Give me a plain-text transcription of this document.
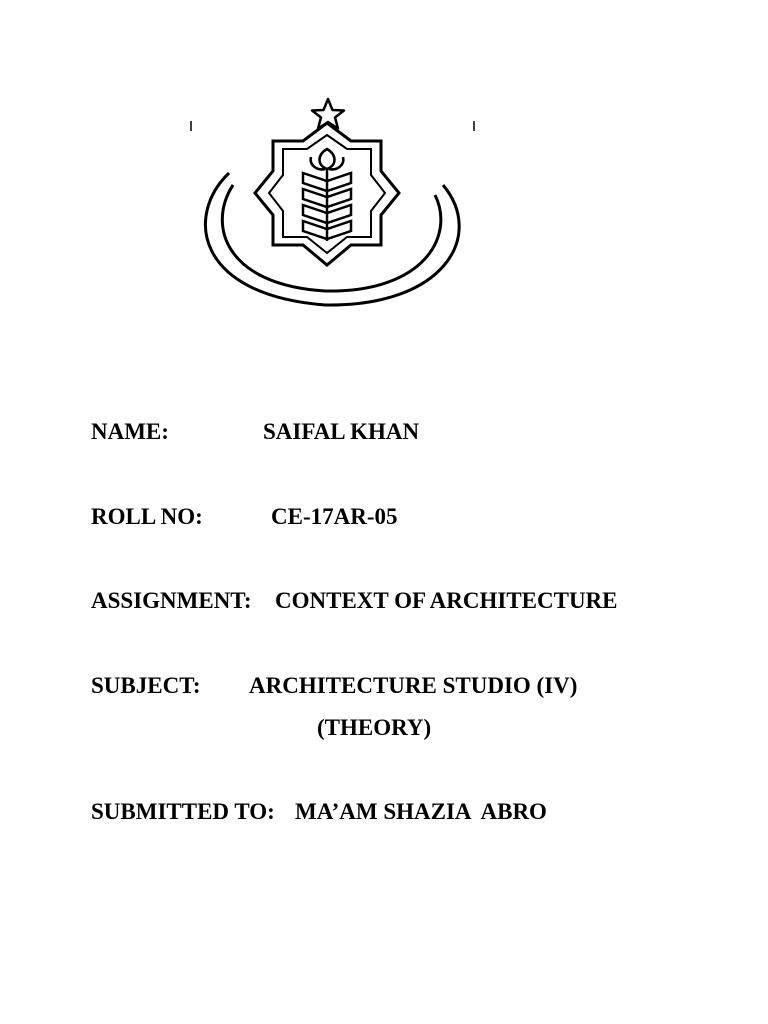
NAME:	SAIFAL KHAN
ROLL NO:	CE-17AR-05
ASSIGNMENT: CONTEXT OF ARCHITECTURE
SUBJECT: ARCHITECTURE STUDIO (IV)
(THEORY)
SUBMITTED TO: MA’AM SHAZIA  ABRO
